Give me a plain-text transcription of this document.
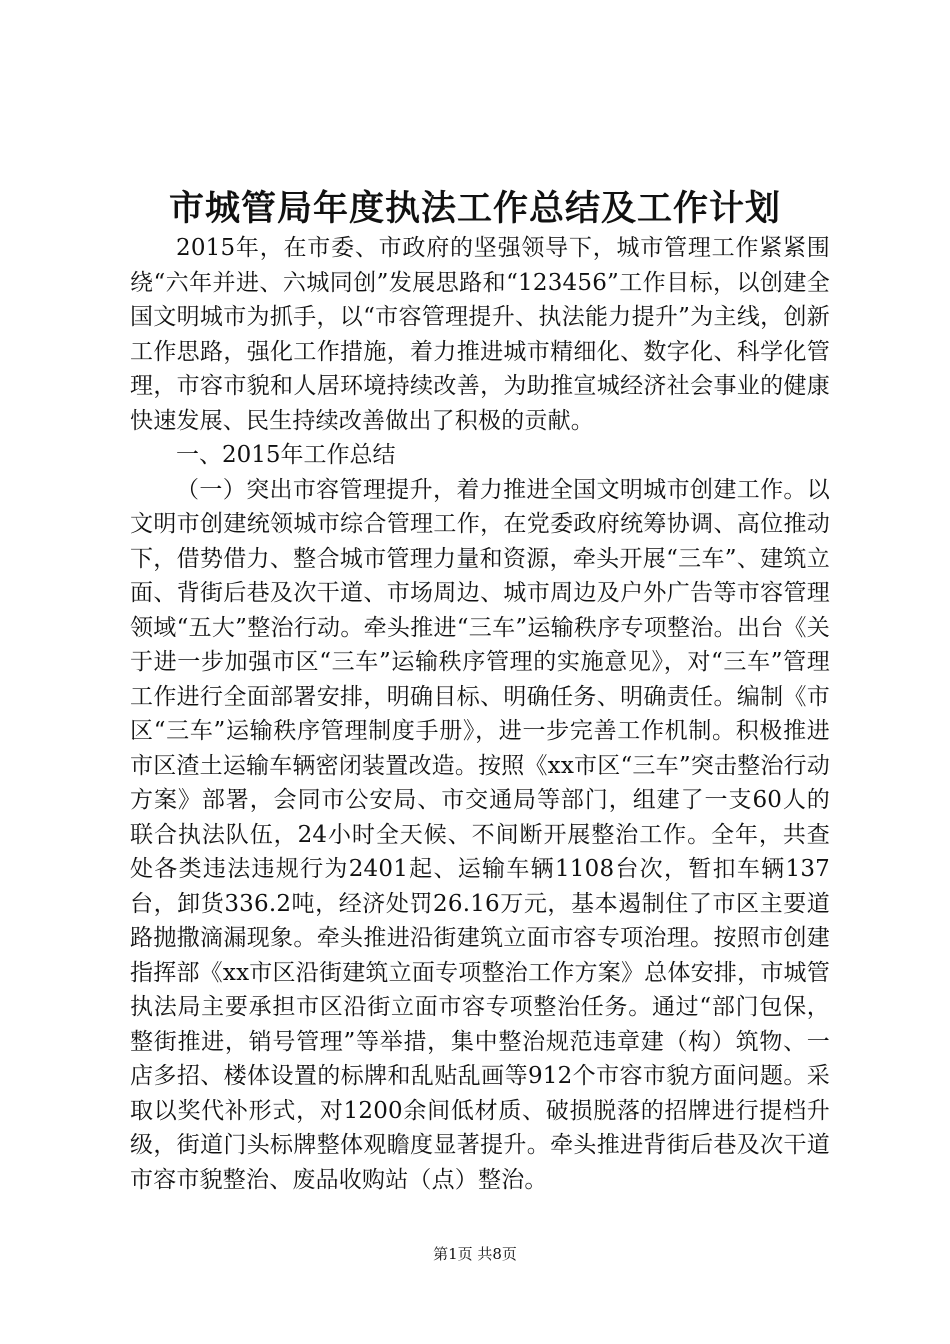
市城管局年度执法工作总结及工作计划

2015年，在市委、市政府的坚强领导下，城市管理工作紧紧围绕“六年并进、六城同创”发展思路和“123456”工作目标，以创建全国文明城市为抓手，以“市容管理提升、执法能力提升”为主线，创新工作思路，强化工作措施，着力推进城市精细化、数字化、科学化管理，市容市貌和人居环境持续改善，为助推宣城经济社会事业的健康快速发展、民生持续改善做出了积极的贡献。

一、2015年工作总结

（一）突出市容管理提升，着力推进全国文明城市创建工作。以文明市创建统领城市综合管理工作，在党委政府统筹协调、高位推动下，借势借力、整合城市管理力量和资源，牵头开展“三车”、建筑立面、背街后巷及次干道、市场周边、城市周边及户外广告等市容管理领域“五大”整治行动。牵头推进“三车”运输秩序专项整治。出台《关于进一步加强市区“三车”运输秩序管理的实施意见》，对“三车”管理工作进行全面部署安排，明确目标、明确任务、明确责任。编制《市区“三车”运输秩序管理制度手册》，进一步完善工作机制。积极推进市区渣土运输车辆密闭装置改造。按照《xx市区“三车”突击整治行动方案》部署，会同市公安局、市交通局等部门，组建了一支60人的联合执法队伍，24小时全天候、不间断开展整治工作。全年，共查处各类违法违规行为2401起、运输车辆1108台次，暂扣车辆137台，卸货336.2吨，经济处罚26.16万元，基本遏制住了市区主要道路抛撒滴漏现象。牵头推进沿街建筑立面市容专项治理。按照市创建指挥部《xx市区沿街建筑立面专项整治工作方案》总体安排，市城管执法局主要承担市区沿街立面市容专项整治任务。通过“部门包保，整街推进，销号管理”等举措，集中整治规范违章建（构）筑物、一店多招、楼体设置的标牌和乱贴乱画等912个市容市貌方面问题。采取以奖代补形式，对1200余间低材质、破损脱落的招牌进行提档升级，街道门头标牌整体观瞻度显著提升。牵头推进背街后巷及次干道市容市貌整治、废品收购站（点）整治。

第1页 共8页
